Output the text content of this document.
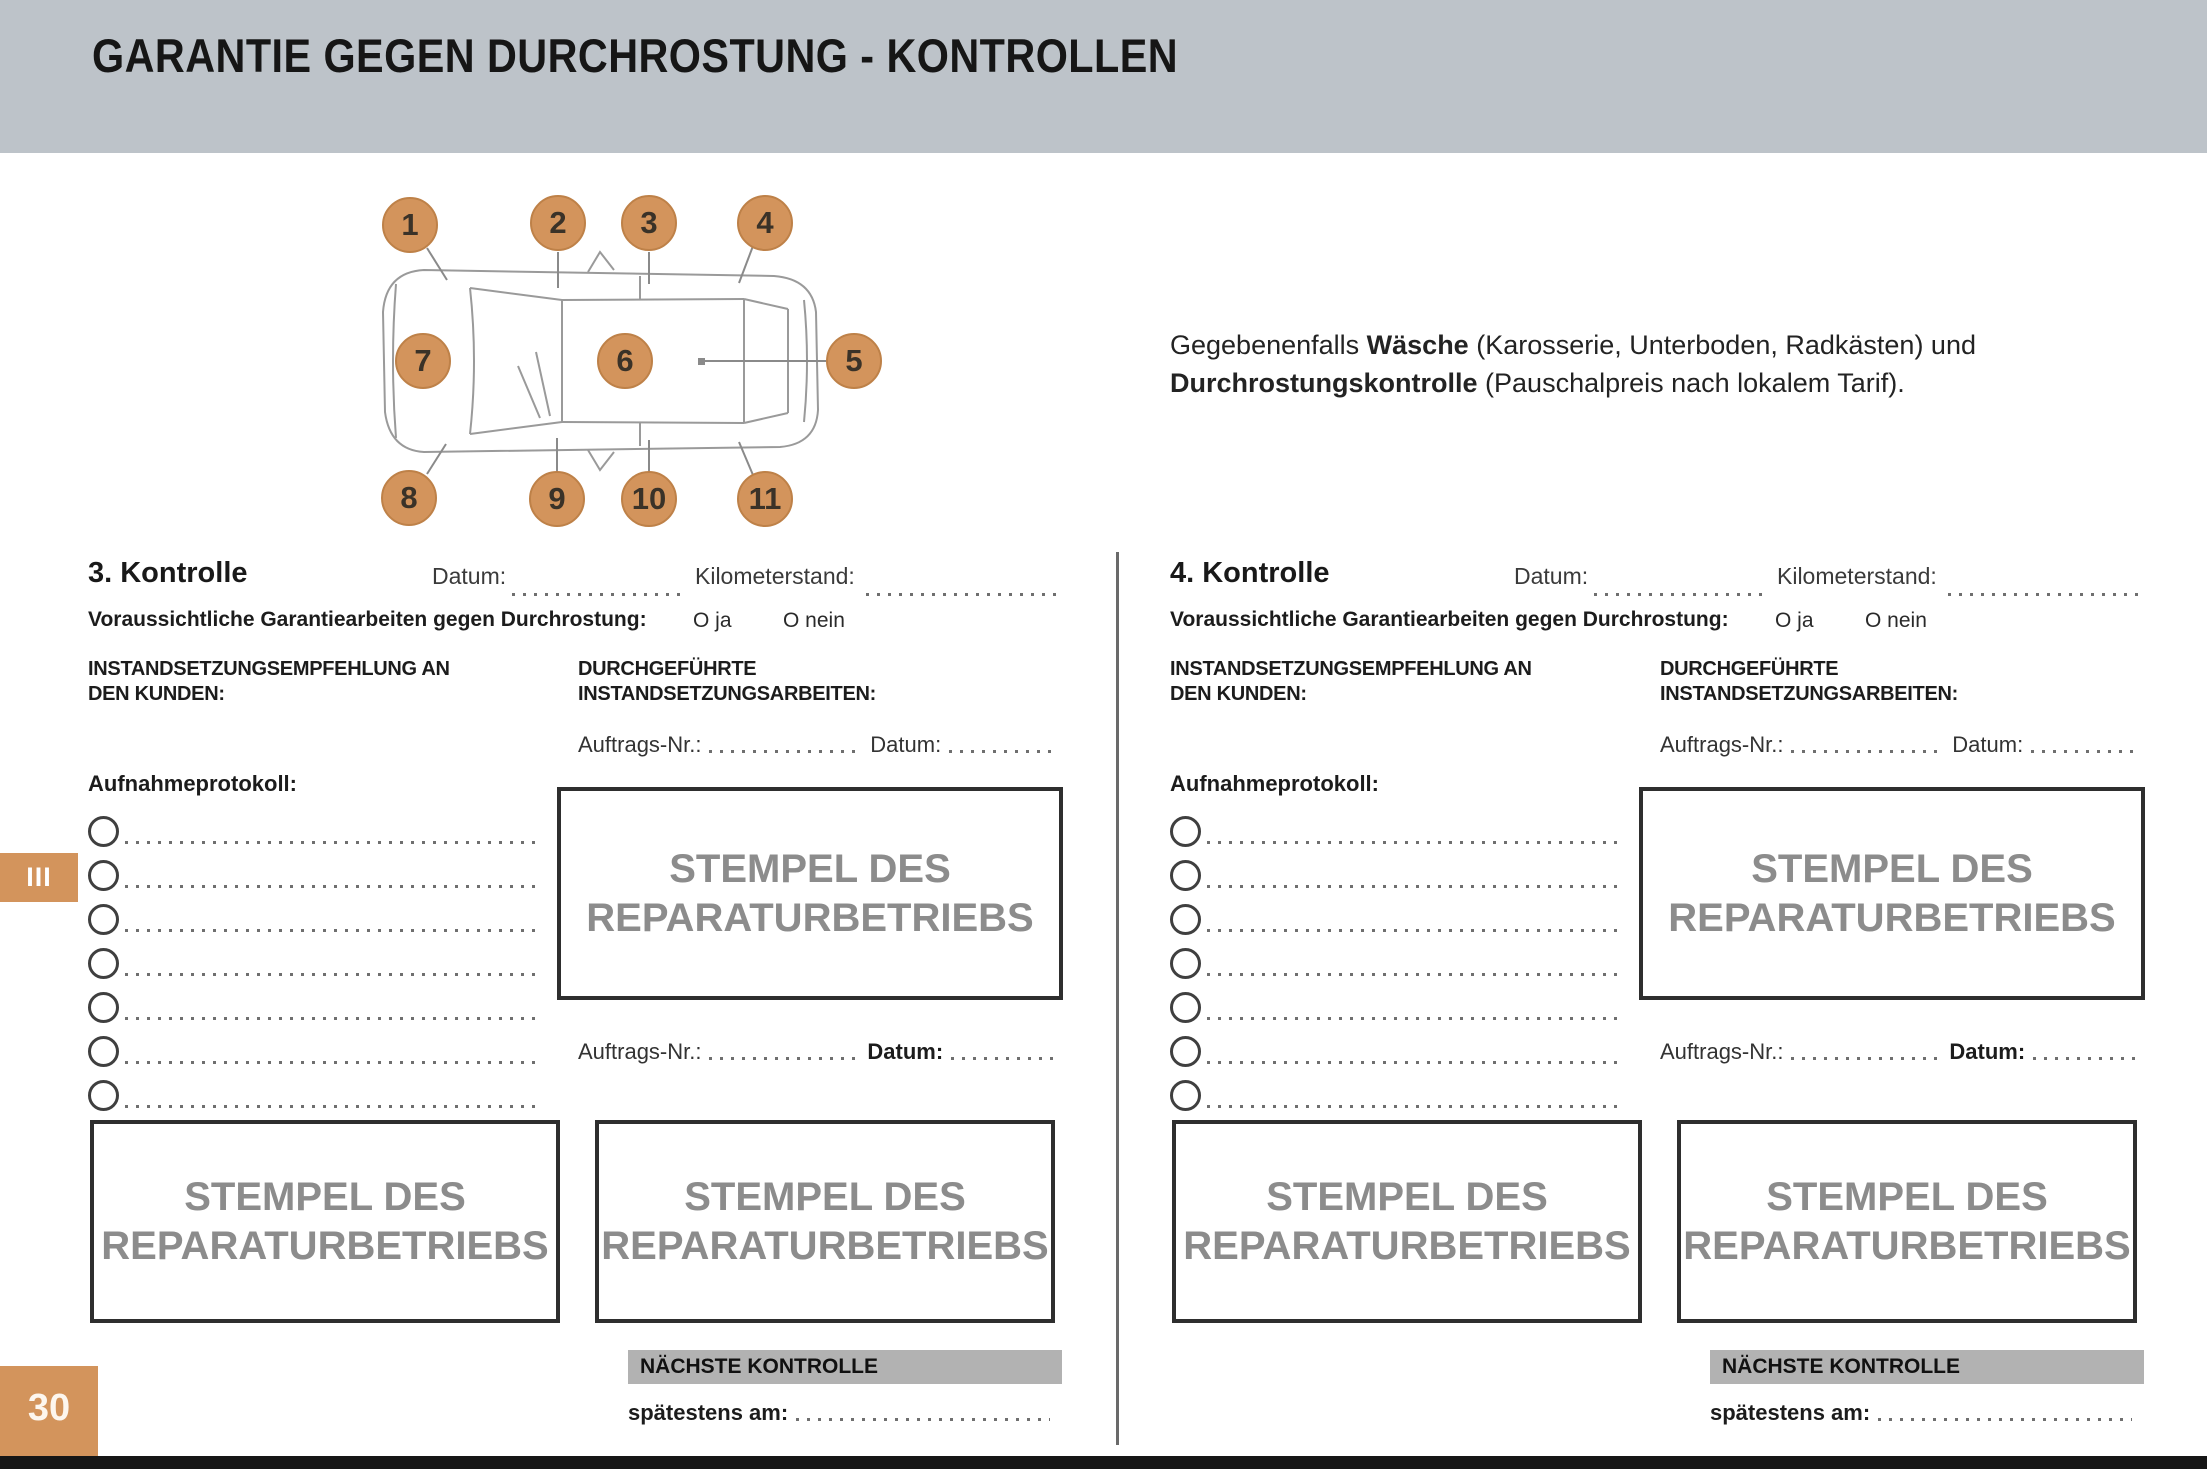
GARANTIE GEGEN DURCHROSTUNG - KONTROLLEN
1	2 3	4
5
6
7
8	9 10	11
Gegebenenfalls Wäsche (Karosserie, Unterboden, Radkästen) und
Durchrostungskontrolle (Pauschalpreis nach lokalem Tarif).
3. Kontrolle	Datum:	Kilometerstand:
Voraussichtliche Garantiearbeiten gegen Durchrostung: O ja O nein
INSTANDSETZUNGSEMPFEHLUNG AN
DEN KUNDEN:
DURCHGEFÜHRTE
INSTANDSETZUNGSARBEITEN:
Auftrags-Nr.:	Datum:
Aufnahmeprotokoll:
STEMPEL DES
REPARATURBETRIEBS
Auftrags-Nr.:	Datum:
STEMPEL DES
REPARATURBETRIEBS
STEMPEL DES
REPARATURBETRIEBS
NÄCHSTE KONTROLLE
spätestens am:
4. Kontrolle	Datum:	Kilometerstand:
Voraussichtliche Garantiearbeiten gegen Durchrostung: O ja O nein
INSTANDSETZUNGSEMPFEHLUNG AN
DEN KUNDEN:
DURCHGEFÜHRTE
INSTANDSETZUNGSARBEITEN:
Auftrags-Nr.:	Datum:
Aufnahmeprotokoll:
STEMPEL DES
REPARATURBETRIEBS
Auftrags-Nr.:	Datum:
STEMPEL DES
REPARATURBETRIEBS
STEMPEL DES
REPARATURBETRIEBS
NÄCHSTE KONTROLLE
spätestens am:
III
30
